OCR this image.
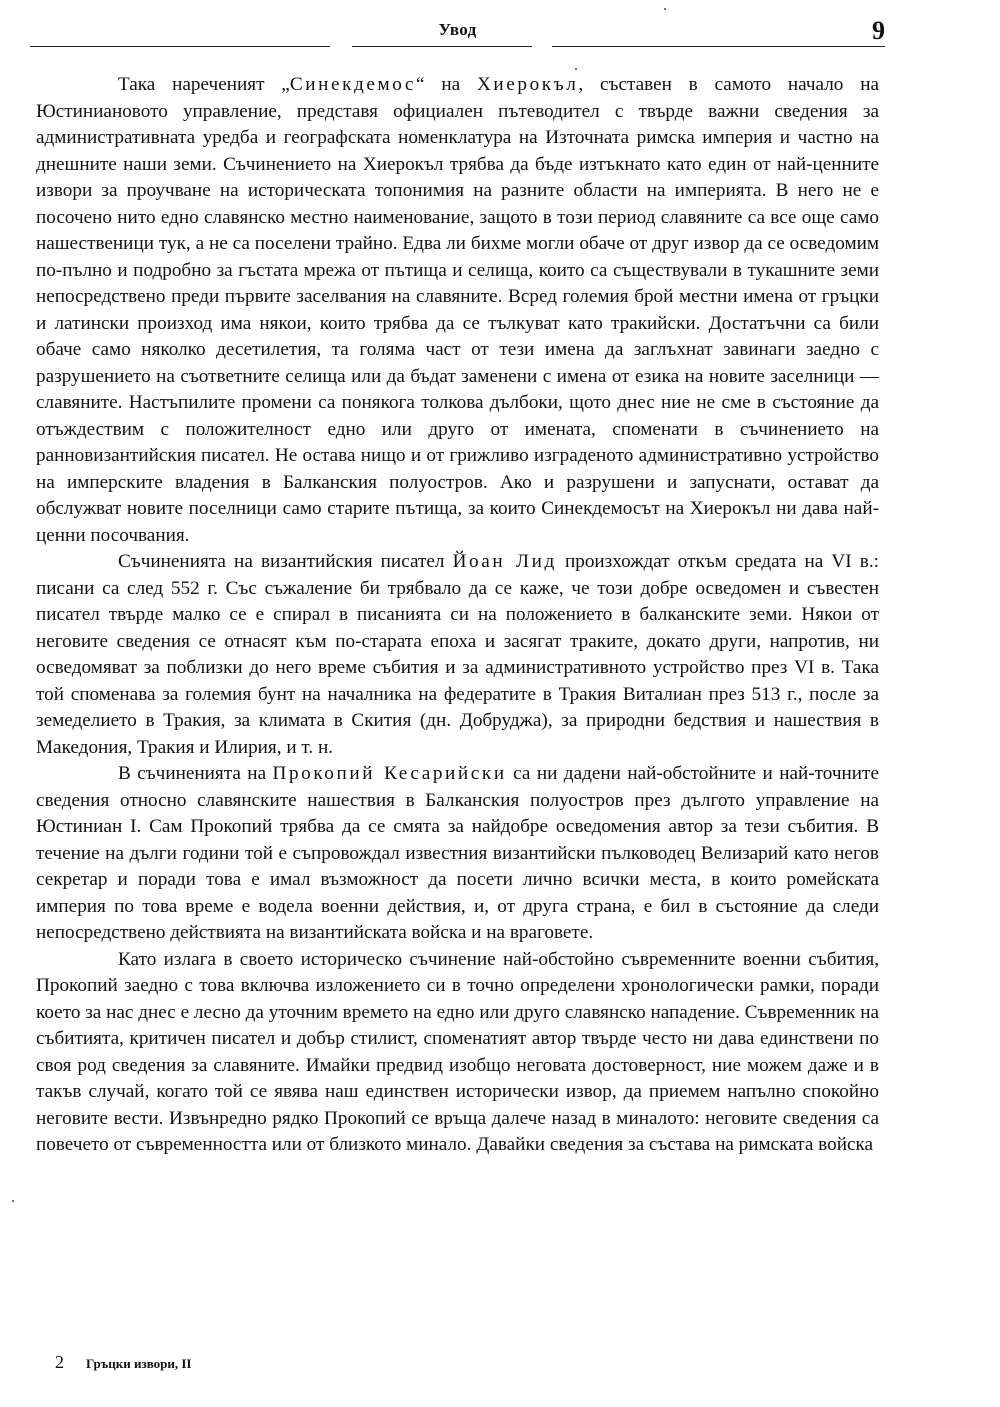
Увод	9

Така нареченият „Синекдемос“ на Хиерокъл, съставен в самото начало на Юстиниановото управление, представя официален пътеводител с твърде важни сведения за административната уредба и географската номенклатура на Източната римска империя и частно на днешните наши земи. Съчинението на Хиерокъл трябва да бъде изтъкнато като един от най-ценните извори за проучване на историческата топонимия на разните области на империята. В него не е посочено нито едно славянско местно наименование, защото в този период славяните са все още само нашественици тук, а не са поселени трайно. Едва ли бихме могли обаче от друг извор да се осведомим по-пълно и подробно за гъстата мрежа от пътища и селища, които са съществували в тукашните земи непосредствено преди първите заселвания на славяните. Всред големия брой местни имена от гръцки и латински произход има някои, които трябва да се тълкуват като тракийски. Достатъчни са били обаче само няколко десетилетия, та голяма част от тези имена да заглъхнат завинаги заедно с разрушението на съответните селища или да бъдат заменени с имена от езика на новите заселници — славяните. Настъпилите промени са понякога толкова дълбоки, щото днес ние не сме в състояние да отъждествим с положителност едно или друго от имената, споменати в съчинението на ранновизантийския писател. Не остава нищо и от грижливо изграденото административно устройство на имперските владения в Балканския полуостров. Ако и разрушени и запуснати, остават да обслужват новите поселници само старите пътища, за които Синекдемосът на Хиерокъл ни дава най-ценни посочвания.

Съчиненията на византийския писател Йоан Лид произхождат откъм средата на VI в.: писани са след 552 г. Със съжаление би трябвало да се каже, че този добре осведомен и съвестен писател твърде малко се е спирал в писанията си на положението в балканските земи. Някои от неговите сведения се отнасят към по-старата епоха и засягат траките, докато други, напротив, ни осведомяват за поблизки до него време събития и за административното устройство през VI в. Така той споменава за големия бунт на началника на федератите в Тракия Виталиан през 513 г., после за земеделието в Тракия, за климата в Скития (дн. Добруджа), за природни бедствия и нашествия в Македония, Тракия и Илирия, и т. н.

В съчиненията на Прокопий Кесарийски са ни дадени най-обстойните и най-точните сведения относно славянските нашествия в Балканския полуостров през дългото управление на Юстиниан I. Сам Прокопий трябва да се смята за найдобре осведомения автор за тези събития. В течение на дълги години той е съпровождал известния византийски пълководец Велизарий като негов секретар и поради това е имал възможност да посети лично всички места, в които ромейската империя по това време е водела военни действия, и, от друга страна, е бил в състояние да следи непосредствено действията на византийската войска и на враговете.

Като излага в своето историческо съчинение най-обстойно съвременните военни събития, Прокопий заедно с това включва изложението си в точно определени хронологически рамки, поради което за нас днес е лесно да уточним времето на едно или друго славянско нападение. Съвременник на събитията, критичен писател и добър стилист, споменатият автор твърде често ни дава единствени по своя род сведения за славяните. Имайки предвид изобщо неговата достоверност, ние можем даже и в такъв случай, когато той се явява наш единствен исторически извор, да приемем напълно спокойно неговите вести. Извънредно рядко Прокопий се връща далече назад в миналото: неговите сведения са повечето от съвременността или от близкото минало. Давайки сведения за състава на римската войска

2 Гръцки извори, II
